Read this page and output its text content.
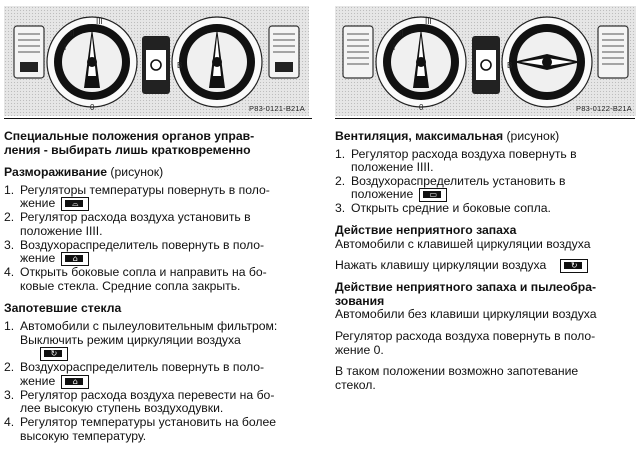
II
I
III
0
B
P83-0121-B21A
II
I
III
0
B
P83-0122-B21A
Специальные положения органов управ-
ления - выбирать лишь кратковременно
Размораживание (рисунок)
1. Регуляторы температуры повернуть в поло-
жение	⌓
2. Регулятор расхода воздуха установить в
положение IIII.
3. Воздухораспределитель повернуть в поло-
жение	⌂
4. Открыть боковые сопла и направить на бо-
ковые стекла. Средние сопла закрыть.
Запотевшие стекла
1. Автомобили с пылеуловительным фильтром:
Выключить режим циркуляции воздуха

↻
2. Воздухораспределитель повернуть в поло-
жение	⌂
3. Регулятор расхода воздуха перевести на бо-
лее высокую ступень воздуходувки.
4. Регулятор температуры установить на более
высокую температуру.
Вентиляция, максимальная (рисунок)
1. Регулятор расхода воздуха повернуть в
положение IIII.
2. Воздухораспределитель установить в
положение	▭
3. Открыть средние и боковые сопла.
Действие неприятного запаха

Автомобили с клавишей циркуляции воздуха

Нажать клавишу циркуляции воздуха	↻

Действие неприятного запаха и пылеобра-
зования

Автомобили без клавиши циркуляции воздуха

Регулятор расхода воздуха повернуть в поло-
жение 0.

В таком положении возможно запотевание
стекол.
